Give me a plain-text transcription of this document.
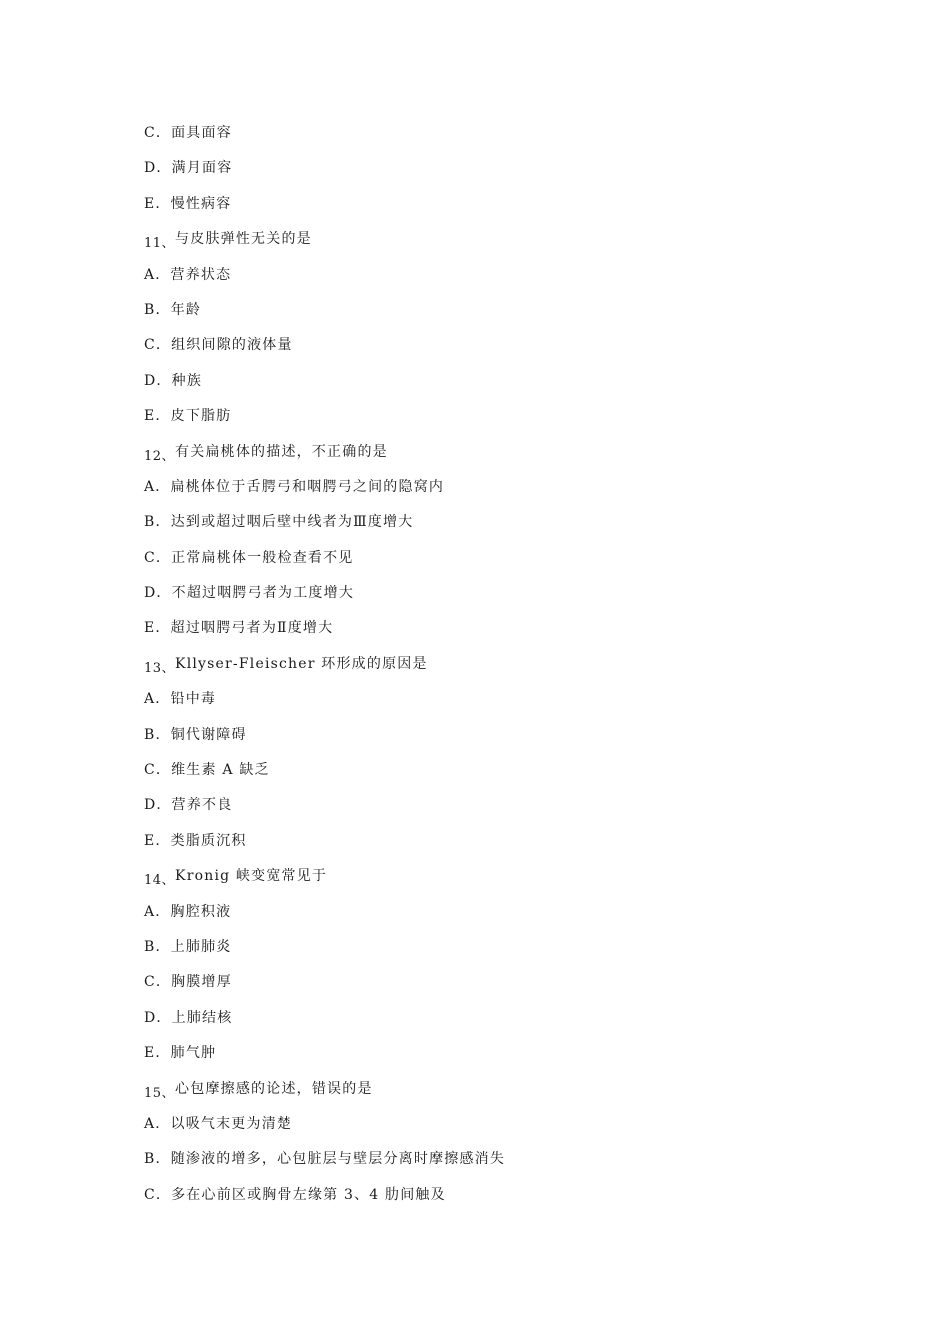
C．面具面容
D．满月面容
E．慢性病容
11、与皮肤弹性无关的是
A．营养状态
B．年龄
C．组织间隙的液体量
D．种族
E．皮下脂肪
12、有关扁桃体的描述，不正确的是
A．扁桃体位于舌腭弓和咽腭弓之间的隐窝内
B．达到或超过咽后壁中线者为Ⅲ度增大
C．正常扁桃体一般检查看不见
D．不超过咽腭弓者为工度增大
E．超过咽腭弓者为Ⅱ度增大
13、Kllyser-Fleischer 环形成的原因是
A．铅中毒
B．铜代谢障碍
C．维生素 A 缺乏
D．营养不良
E．类脂质沉积
14、Kronig 峡变宽常见于
A．胸腔积液
B．上肺肺炎
C．胸膜增厚
D．上肺结核
E．肺气肿
15、心包摩擦感的论述，错误的是
A．以吸气末更为清楚
B．随渗液的增多，心包脏层与壁层分离时摩擦感消失
C．多在心前区或胸骨左缘第 3、4 肋间触及
